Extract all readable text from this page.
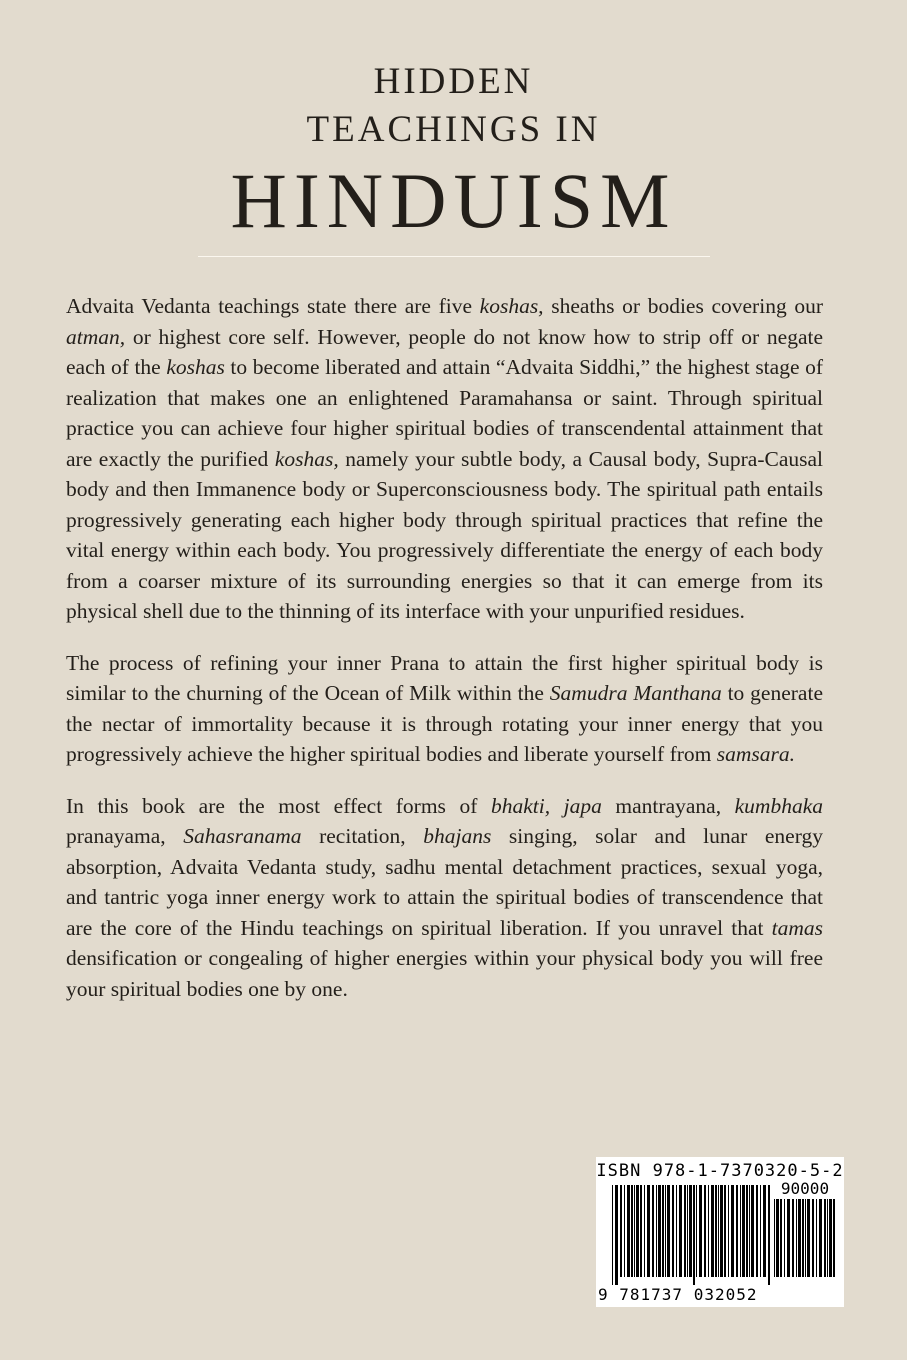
HIDDEN
TEACHINGS IN
HINDUISM

Advaita Vedanta teachings state there are five koshas, sheaths or bodies covering our atman, or highest core self. However, people do not know how to strip off or negate each of the koshas to become liberated and attain “Advaita Siddhi,” the highest stage of realization that makes one an enlightened Paramahansa or saint. Through spiritual practice you can achieve four higher spiritual bodies of transcendental attainment that are exactly the purified koshas, namely your subtle body, a Causal body, Supra-Causal body and then Immanence body or Superconsciousness body. The spiritual path entails progressively generating each higher body through spiritual practices that refine the vital energy within each body. You progressively differentiate the energy of each body from a coarser mixture of its surrounding energies so that it can emerge from its physical shell due to the thinning of its interface with your unpurified residues.

The process of refining your inner Prana to attain the first higher spiritual body is similar to the churning of the Ocean of Milk within the Samudra Manthana to generate the nectar of immortality because it is through rotating your inner energy that you progressively achieve the higher spiritual bodies and liberate yourself from samsara.

In this book are the most effect forms of bhakti, japa mantrayana, kumbhaka pranayama, Sahasranama recitation, bhajans singing, solar and lunar energy absorption, Advaita Vedanta study, sadhu mental detachment practices, sexual yoga, and tantric yoga inner energy work to attain the spiritual bodies of transcendence that are the core of the Hindu teachings on spiritual liberation. If you unravel that tamas densification or congealing of higher energies within your physical body you will free your spiritual bodies one by one.

ISBN 978-1-7370320-5-2
90000
9 781737 032052
